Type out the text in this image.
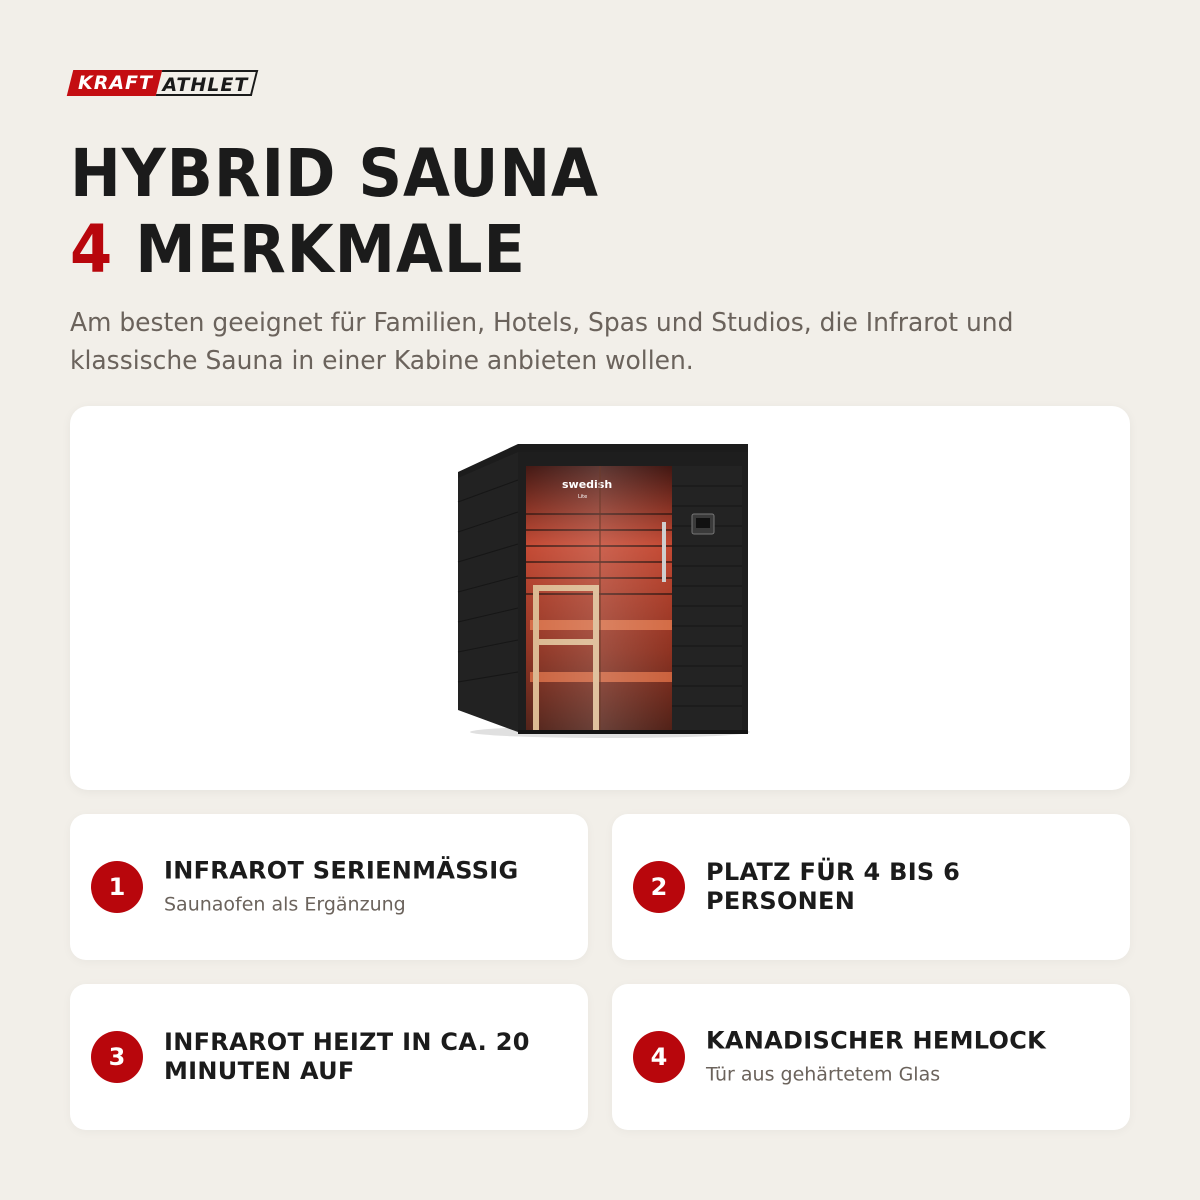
KRAFT ATHLET
HYBRID SAUNA
4 MERKMALE

Am besten geeignet für Familien, Hotels, Spas und Studios, die Infrarot und klassische Sauna in einer Kabine anbieten wollen.

1

INFRAROT SERIENMÄSSIG

Saunaofen als Ergänzung

2

PLATZ FÜR 4 BIS 6 PERSONEN

3

INFRAROT HEIZT IN CA. 20 MINUTEN AUF	4

KANADISCHER HEMLOCK

Tür aus gehärtetem Glas
